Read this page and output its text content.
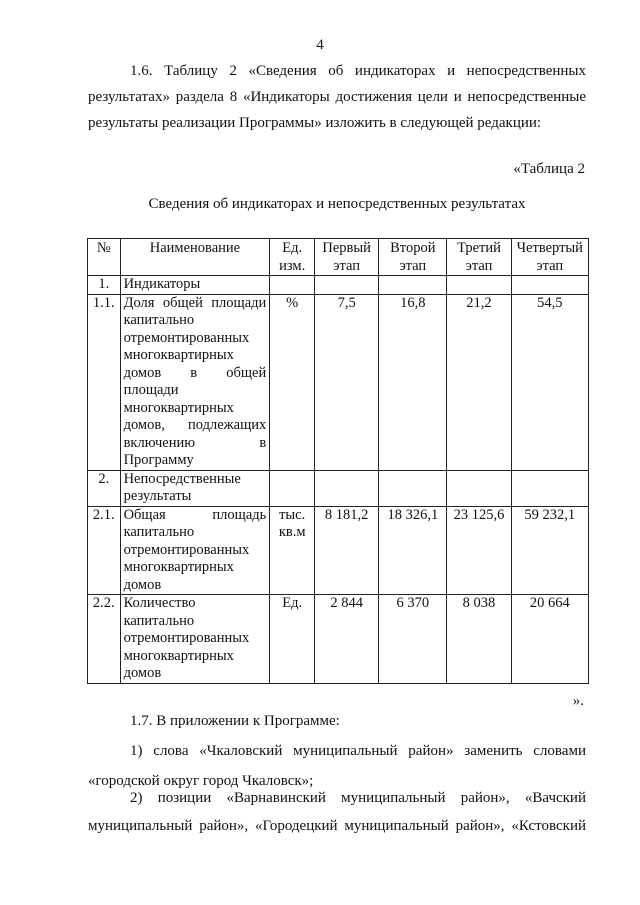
4
1.6. Таблицу 2 «Сведения об индикаторах и непосредственных результатах» раздела 8 «Индикаторы достижения цели и непосредственные результаты реализации Программы» изложить в следующей редакции:
«Таблица 2
Сведения об индикаторах и непосредственных результатах
№	Наименование	Ед. изм.	Первый этап	Второй этап	Третий этап	Четвертый этап
1.	Индикаторы					
1.1.	Доля общей площади капитально отремонтированных многоквартирных домов в общей площади многоквартирных домов, подлежащих включению в Программу	%	7,5	16,8	21,2	54,5
2.	Непосредственные результаты					
2.1.	Общая площадь капитально отремонтированных многоквартирных домов	тыс. кв.м	8 181,2	18 326,1	23 125,6	59 232,1
2.2.	Количество капитально отремонтированных многоквартирных домов	Ед.	2 844	6 370	8 038	20 664
».
1.7. В приложении к Программе:
1) слова «Чкаловский муниципальный район» заменить словами «городской округ город Чкаловск»;
2) позиции «Варнавинский муниципальный район», «Вачский муниципальный район», «Городецкий муниципальный район», «Кстовский
